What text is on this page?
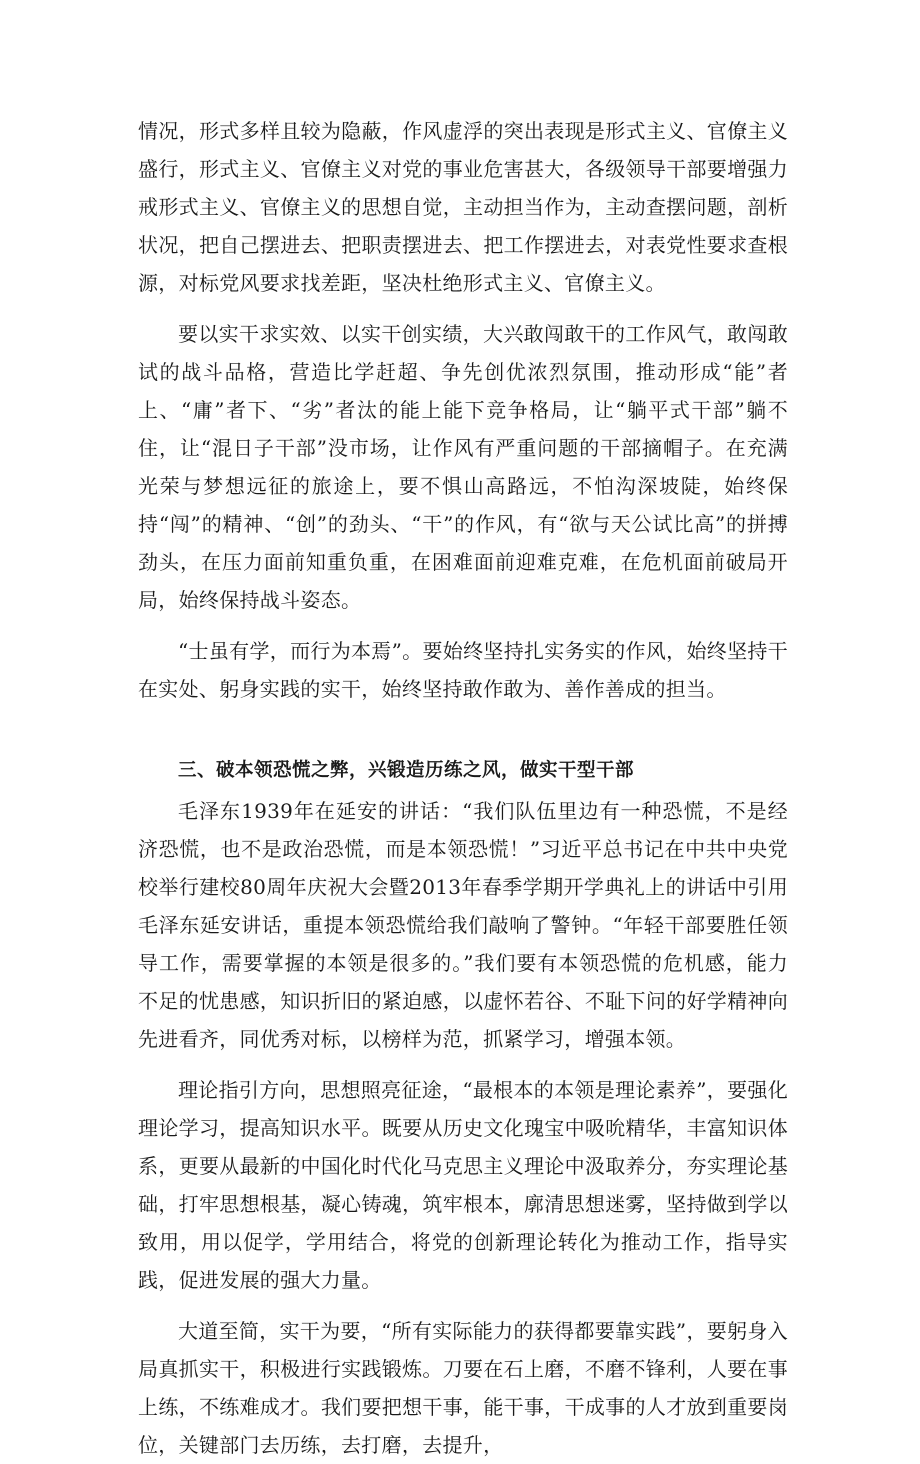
情况，形式多样且较为隐蔽，作风虚浮的突出表现是形式主义、官僚主义盛行，形式主义、官僚主义对党的事业危害甚大，各级领导干部要增强力戒形式主义、官僚主义的思想自觉，主动担当作为，主动查摆问题，剖析状况，把自己摆进去、把职责摆进去、把工作摆进去，对表党性要求查根源，对标党风要求找差距，坚决杜绝形式主义、官僚主义。

要以实干求实效、以实干创实绩，大兴敢闯敢干的工作风气，敢闯敢试的战斗品格，营造比学赶超、争先创优浓烈氛围，推动形成“能”者上、“庸”者下、“劣”者汰的能上能下竞争格局，让“躺平式干部”躺不住，让“混日子干部”没市场，让作风有严重问题的干部摘帽子。在充满光荣与梦想远征的旅途上，要不惧山高路远，不怕沟深坡陡，始终保持“闯”的精神、“创”的劲头、“干”的作风，有“欲与天公试比高”的拼搏劲头，在压力面前知重负重，在困难面前迎难克难，在危机面前破局开局，始终保持战斗姿态。

“士虽有学，而行为本焉”。要始终坚持扎实务实的作风，始终坚持干在实处、躬身实践的实干，始终坚持敢作敢为、善作善成的担当。

三、破本领恐慌之弊，兴锻造历练之风，做实干型干部

毛泽东1939年在延安的讲话：“我们队伍里边有一种恐慌，不是经济恐慌，也不是政治恐慌，而是本领恐慌！”习近平总书记在中共中央党校举行建校80周年庆祝大会暨2013年春季学期开学典礼上的讲话中引用毛泽东延安讲话，重提本领恐慌给我们敲响了警钟。“年轻干部要胜任领导工作，需要掌握的本领是很多的。”我们要有本领恐慌的危机感，能力不足的忧患感，知识折旧的紧迫感，以虚怀若谷、不耻下问的好学精神向先进看齐，同优秀对标，以榜样为范，抓紧学习，增强本领。

理论指引方向，思想照亮征途，“最根本的本领是理论素养”，要强化理论学习，提高知识水平。既要从历史文化瑰宝中吸吮精华，丰富知识体系，更要从最新的中国化时代化马克思主义理论中汲取养分，夯实理论基础，打牢思想根基，凝心铸魂，筑牢根本，廓清思想迷雾，坚持做到学以致用，用以促学，学用结合，将党的创新理论转化为推动工作，指导实践，促进发展的强大力量。

大道至简，实干为要，“所有实际能力的获得都要靠实践”，要躬身入局真抓实干，积极进行实践锻炼。刀要在石上磨，不磨不锋利，人要在事上练，不练难成才。我们要把想干事，能干事，干成事的人才放到重要岗位，关键部门去历练，去打磨，去提升，
